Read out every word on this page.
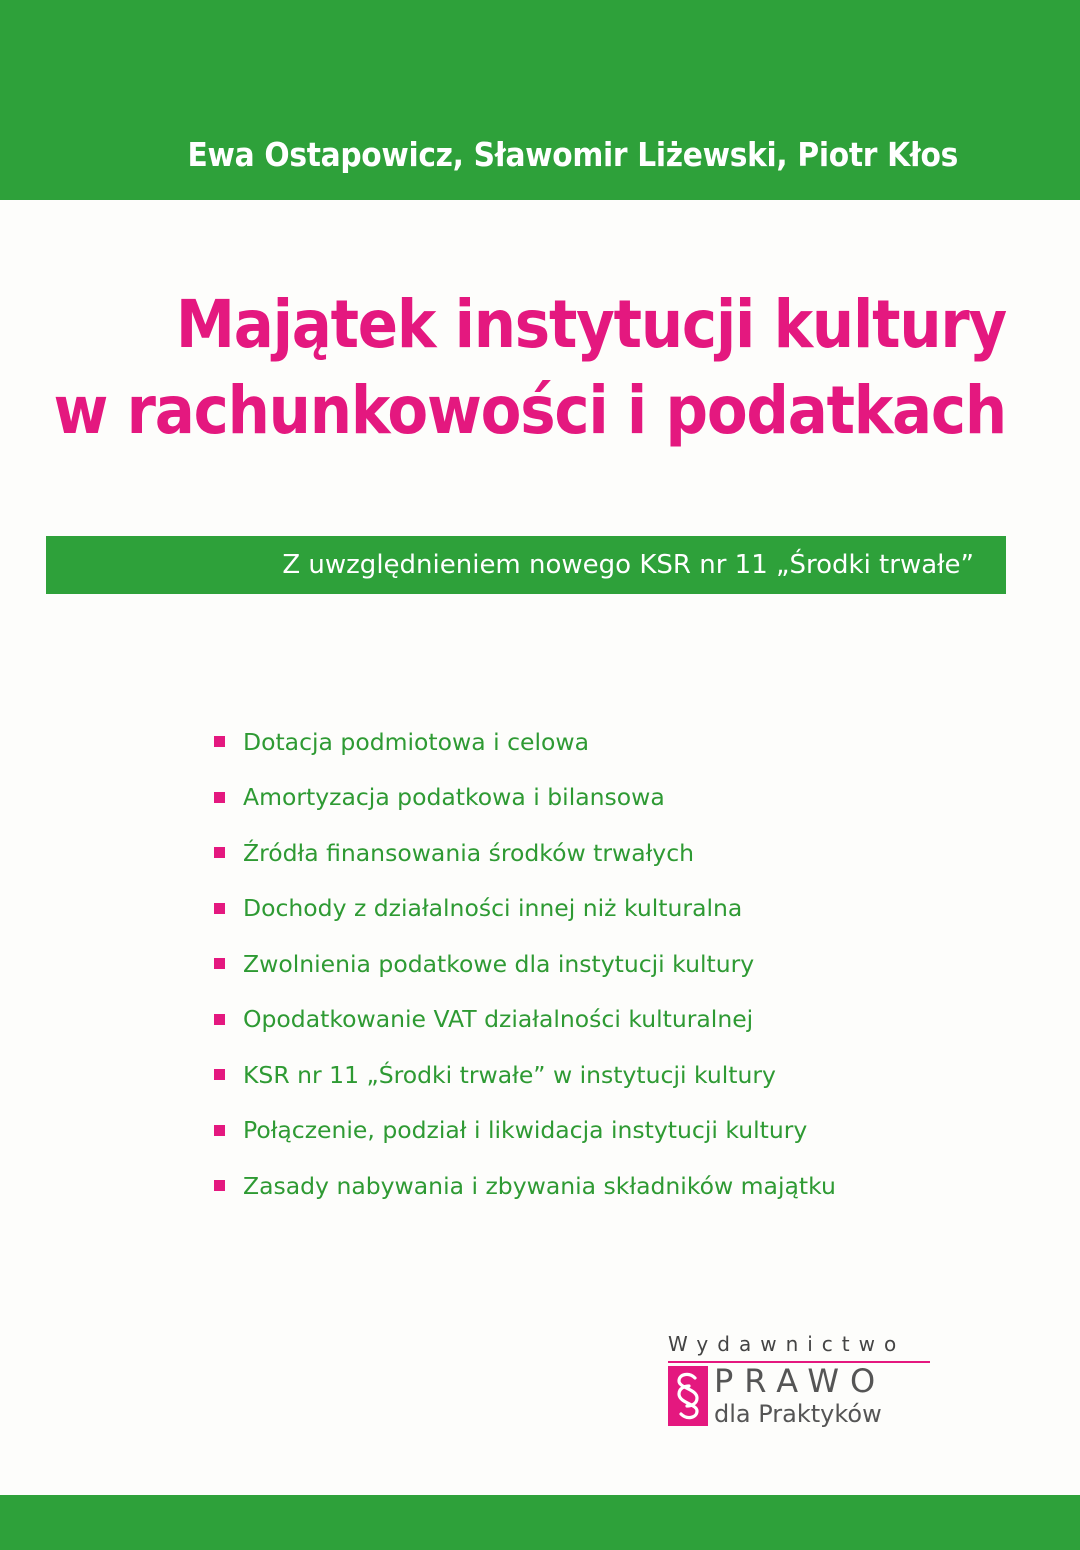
Ewa Ostapowicz, Sławomir Liżewski, Piotr Kłos
Majątek instytucji kultury
w rachunkowości i podatkach
Z uwzględnieniem nowego KSR nr 11 „Środki trwałe”
Dotacja podmiotowa i celowa
Amortyzacja podatkowa i bilansowa
Źródła finansowania środków trwałych
Dochody z działalności innej niż kulturalna
Zwolnienia podatkowe dla instytucji kultury
Opodatkowanie VAT działalności kulturalnej
KSR nr 11 „Środki trwałe” w instytucji kultury
Połączenie, podział i likwidacja instytucji kultury
Zasady nabywania i zbywania składników majątku
Wydawnictwo
PRAWO
dla Praktyków
